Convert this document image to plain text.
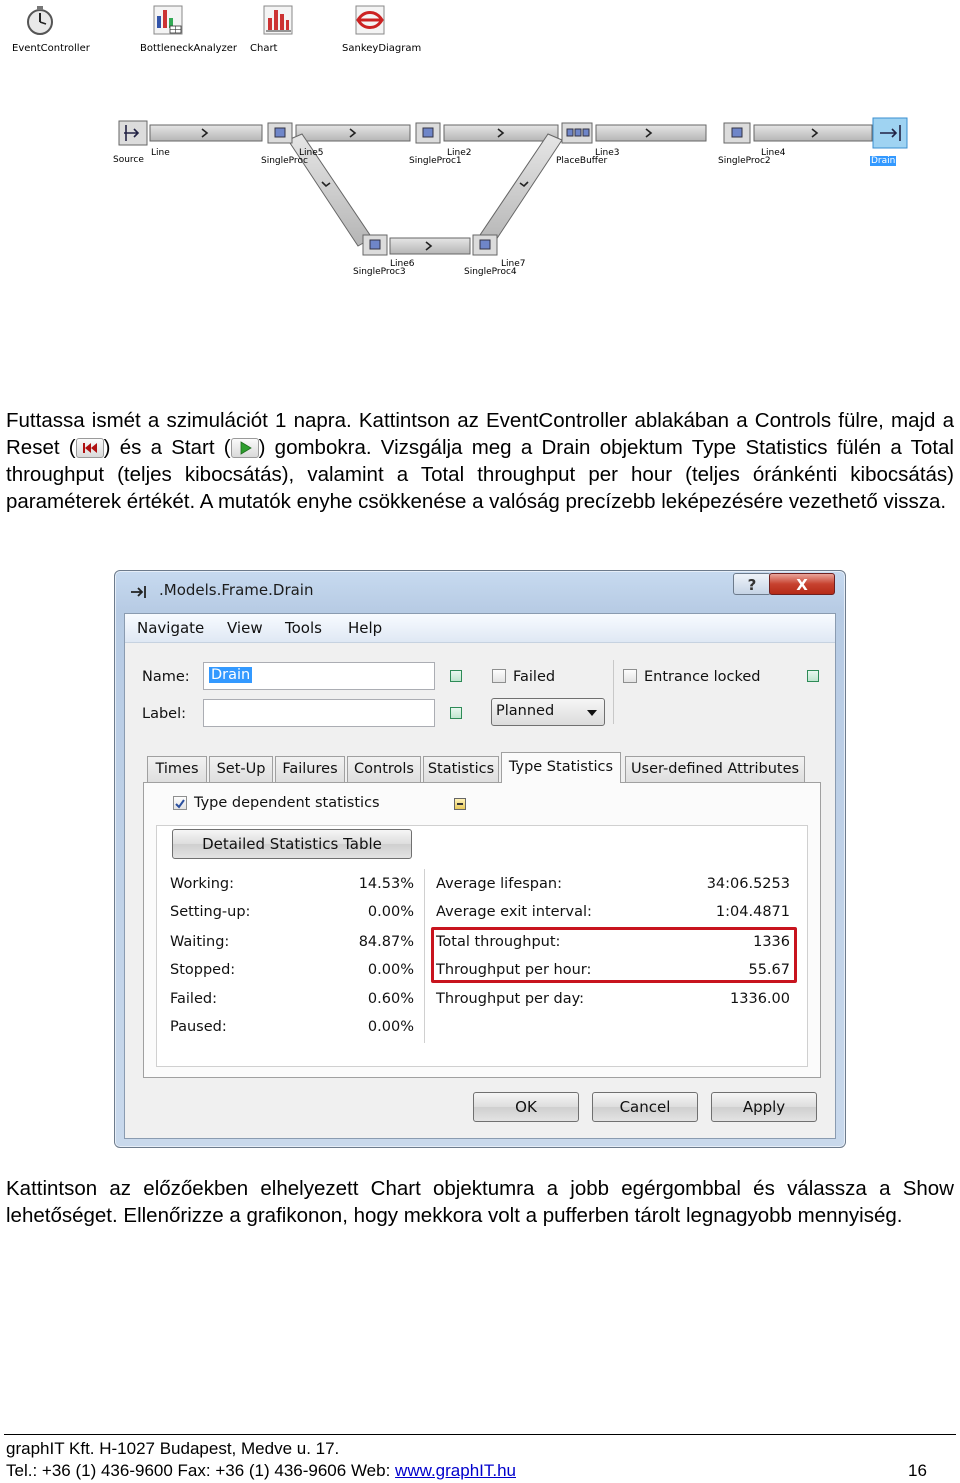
EventController	BottleneckAnalyzer	Chart	SankeyDiagram
Source
Line	Line5
SingleProc
Line2
SingleProc1
Line3
PlaceBuffer
Line4
SingleProc2	Drain
Line6
SingleProc3
Line7
SingleProc4
Futtassa ismét a szimulációt 1 napra. Kattintson az EventController ablakában a Controls fülre, majd a Reset ( ) és a Start ( ) gombokra. Vizsgálja meg a Drain objektum Type Statistics fülén a Total throughput (teljes kibocsátás), valamint a Total throughput per hour (teljes óránkénti kibocsátás) paraméterek értékét. A mutatók enyhe csökkenése a valóság precízebb leképezésére vezethető vissza.
.Models.Frame.Drain	?	X
Navigate View Tools Help
Name: Drain
Label:
Failed	Entrance locked
Planned
Times	Set-Up	Failures	Controls Statistics	Type Statistics	User-defined Attributes
Type dependent statistics
Detailed Statistics Table
Working:	14.53%
Setting-up:	0.00%
Waiting:	84.87%
Stopped:	0.00%
Failed:	0.60%
Paused:	0.00%
Average lifespan:	34:06.5253
Average exit interval:	1:04.4871
Total throughput:	1336
Throughput per hour:	55.67
Throughput per day:	1336.00
OK	Cancel	Apply
Kattintson az előzőekben elhelyezett Chart objektumra a jobb egérgombbal és válassza a Show lehetőséget. Ellenőrizze a grafikonon, hogy mekkora volt a pufferben tárolt legnagyobb mennyiség.
graphIT Kft. H-1027 Budapest, Medve u. 17.
Tel.: +36 (1) 436-9600 Fax: +36 (1) 436-9606 Web: www.graphIT.hu	16
